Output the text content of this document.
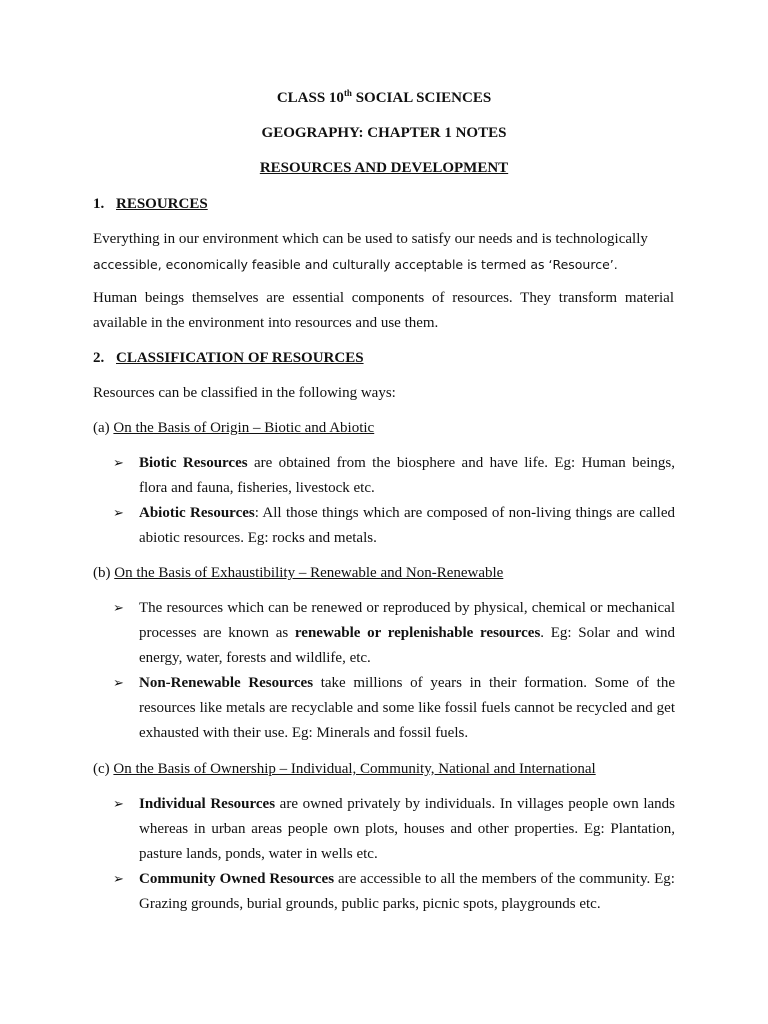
CLASS 10th SOCIAL SCIENCES

GEOGRAPHY: CHAPTER 1 NOTES

RESOURCES AND DEVELOPMENT

1. RESOURCES

Everything in our environment which can be used to satisfy our needs and is technologically
accessible, economically feasible and culturally acceptable is termed as ‘Resource’.

Human beings themselves are essential components of resources. They transform material available in the environment into resources and use them.

2. CLASSIFICATION OF RESOURCES

Resources can be classified in the following ways:

(a) On the Basis of Origin – Biotic and Abiotic

➢	Biotic Resources are obtained from the biosphere and have life. Eg: Human beings, flora and fauna, fisheries, livestock etc.
➢	Abiotic Resources: All those things which are composed of non-living things are called abiotic resources. Eg: rocks and metals.

(b) On the Basis of Exhaustibility – Renewable and Non-Renewable

➢	The resources which can be renewed or reproduced by physical, chemical or mechanical processes are known as renewable or replenishable resources. Eg: Solar and wind energy, water, forests and wildlife, etc.
➢	Non-Renewable Resources take millions of years in their formation. Some of the resources like metals are recyclable and some like fossil fuels cannot be recycled and get exhausted with their use. Eg: Minerals and fossil fuels.

(c) On the Basis of Ownership – Individual, Community, National and International

➢	Individual Resources are owned privately by individuals. In villages people own lands whereas in urban areas people own plots, houses and other properties. Eg: Plantation, pasture lands, ponds, water in wells etc.
➢	Community Owned Resources are accessible to all the members of the community. Eg: Grazing grounds, burial grounds, public parks, picnic spots, playgrounds etc.
